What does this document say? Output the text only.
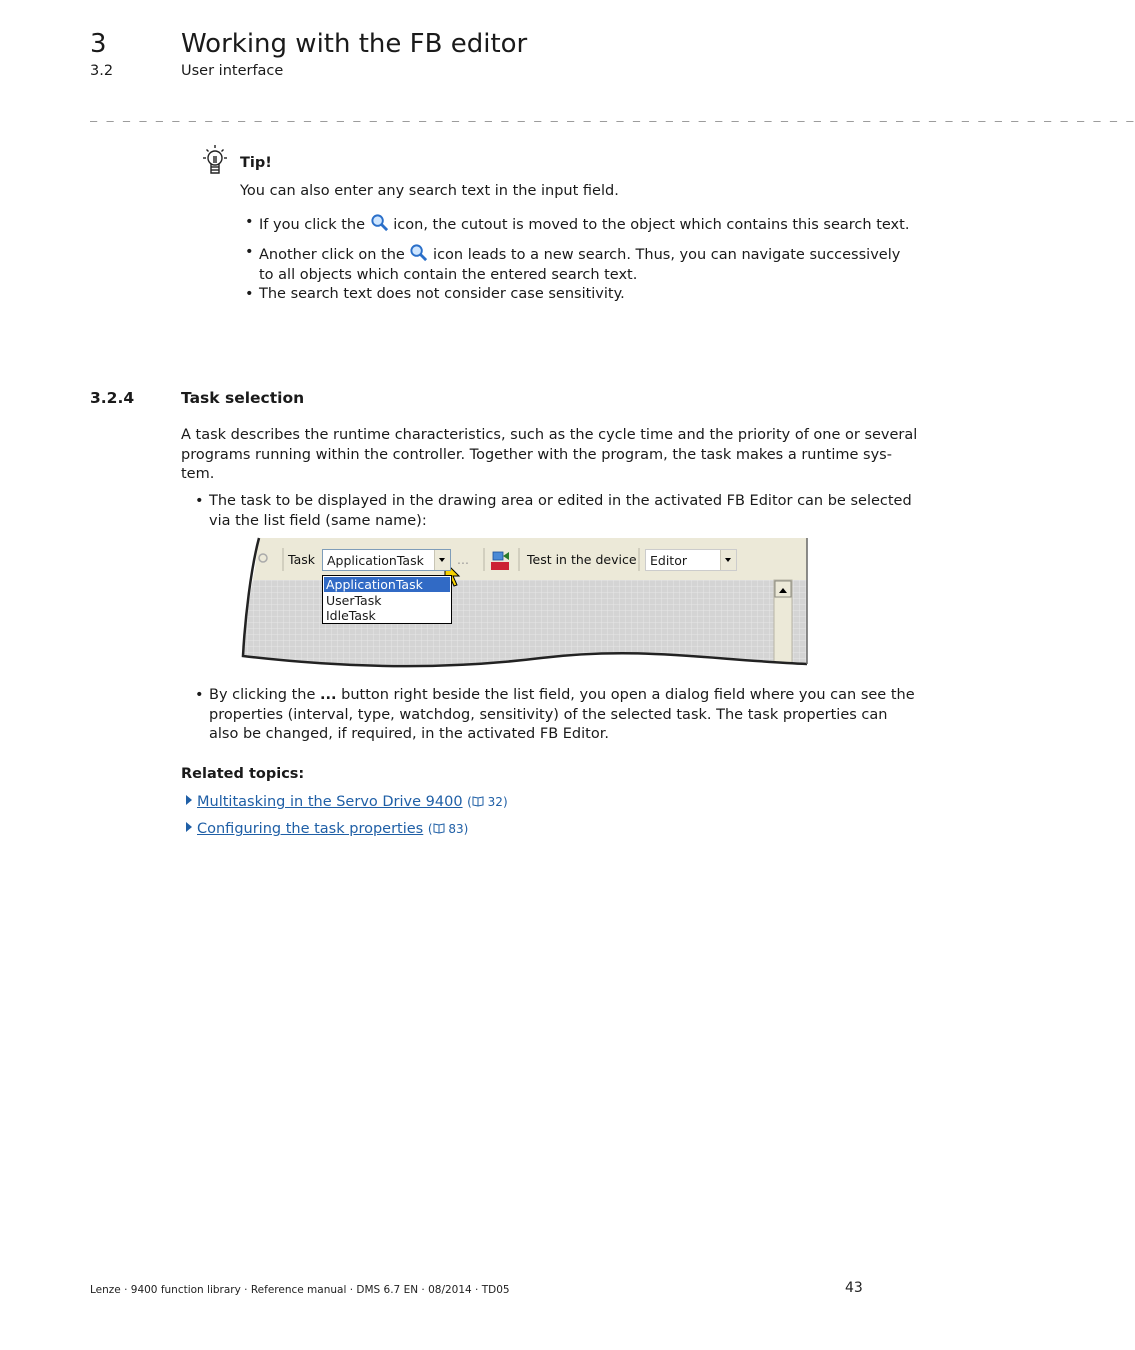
3	Working with the FB editor
3.2	User interface
_ _ _ _ _ _ _ _ _ _ _ _ _ _ _ _ _ _ _ _ _ _ _ _ _ _ _ _ _ _ _ _ _ _ _ _ _ _ _ _ _ _ _ _ _ _ _ _ _ _ _ _ _ _ _ _ _ _ _ _ _ _ _ _
Tip!
You can also enter any search text in the input field.
• If you click the  icon, the cutout is moved to the object which contains this search text.
• Another click on the  icon leads to a new search. Thus, you can navigate successively
to all objects which contain the entered search text.
• The search text does not consider case sensitivity.
3.2.4	Task selection
A task describes the runtime characteristics, such as the cycle time and the priority of one or several
programs running within the controller. Together with the program, the task makes a runtime sys-
tem.
• The task to be displayed in the drawing area or edited in the activated FB Editor can be selected
via the list field (same name):
Task ApplicationTask	...	Test in the device Editor
ApplicationTask
UserTask
IdleTask
• By clicking the ... button right beside the list field, you open a dialog field where you can see the
properties (interval, type, watchdog, sensitivity) of the selected task. The task properties can
also be changed, if required, in the activated FB Editor.
Related topics:
Multitasking in the Servo Drive 9400 ( 32)
Configuring the task properties ( 83)
Lenze · 9400 function library · Reference manual · DMS 6.7 EN · 08/2014 · TD05	43
